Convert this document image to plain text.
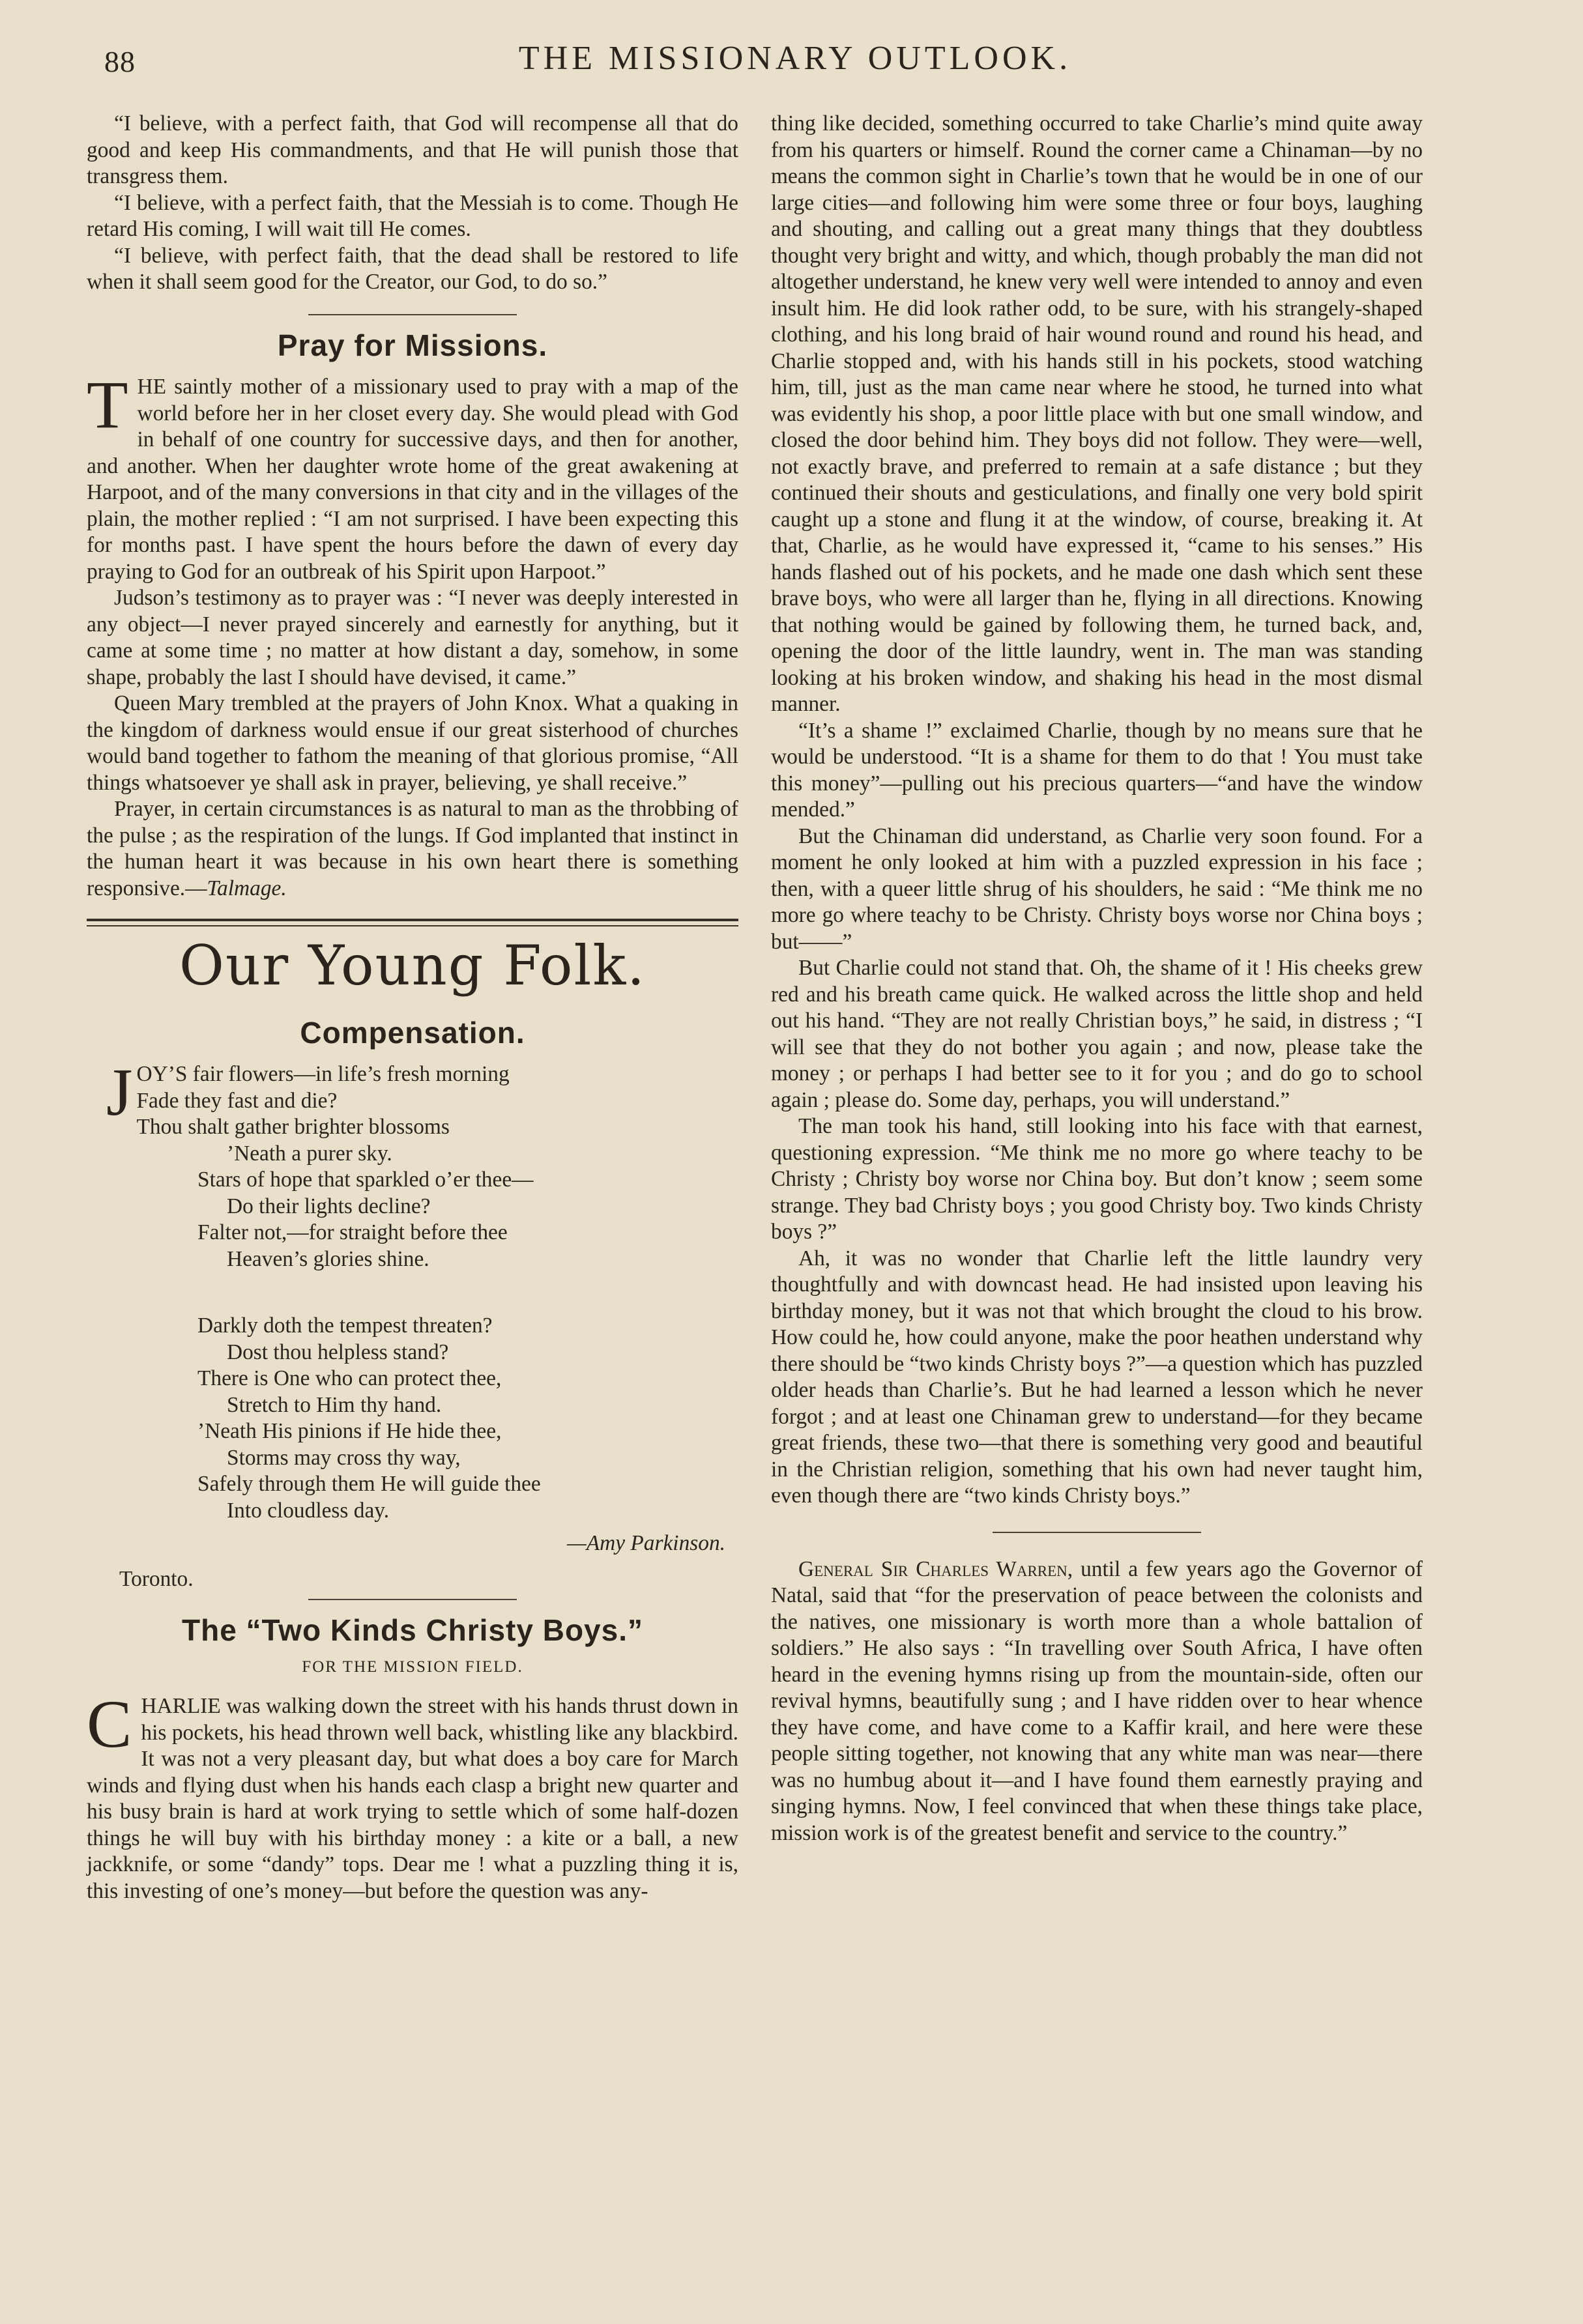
88	THE MISSIONARY OUTLOOK.

“I believe, with a perfect faith, that God will recompense all that do good and keep His commandments, and that He will punish those that transgress them.

“I believe, with a perfect faith, that the Messiah is to come. Though He retard His coming, I will wait till He comes.

“I believe, with perfect faith, that the dead shall be restored to life when it shall seem good for the Creator, our God, to do so.”

Pray for Missions.

THE saintly mother of a missionary used to pray with a map of the world before her in her closet every day. She would plead with God in behalf of one country for successive days, and then for another, and another. When her daughter wrote home of the great awakening at Harpoot, and of the many conversions in that city and in the villages of the plain, the mother replied : “I am not surprised. I have been expecting this for months past. I have spent the hours before the dawn of every day praying to God for an outbreak of his Spirit upon Harpoot.”

Judson’s testimony as to prayer was : “I never was deeply interested in any object—I never prayed sincerely and earnestly for anything, but it came at some time ; no matter at how distant a day, somehow, in some shape, probably the last I should have devised, it came.”

Queen Mary trembled at the prayers of John Knox. What a quaking in the kingdom of darkness would ensue if our great sisterhood of churches would band together to fathom the meaning of that glorious promise, “All things whatsoever ye shall ask in prayer, believing, ye shall receive.”

Prayer, in certain circumstances is as natural to man as the throbbing of the pulse ; as the respiration of the lungs. If God implanted that instinct in the human heart it was because in his own heart there is something responsive.—Talmage.

Our Young Folk.
Compensation.
J OY’S fair flowers—in life’s fresh morning
Fade they fast and die?
Thou shalt gather brighter blossoms
’Neath a purer sky.
Stars of hope that sparkled o’er thee—
Do their lights decline?
Falter not,—for straight before thee
Heaven’s glories shine.
Darkly doth the tempest threaten?
Dost thou helpless stand?
There is One who can protect thee,
Stretch to Him thy hand.
’Neath His pinions if He hide thee,
Storms may cross thy way,
Safely through them He will guide thee
Into cloudless day.
—Amy Parkinson.
Toronto.
The “Two Kinds Christy Boys.”
FOR THE MISSION FIELD.

CHARLIE was walking down the street with his hands thrust down in his pockets, his head thrown well back, whistling like any blackbird. It was not a very pleasant day, but what does a boy care for March winds and flying dust when his hands each clasp a bright new quarter and his busy brain is hard at work trying to settle which of some half-dozen things he will buy with his birthday money : a kite or a ball, a new jackknife, or some “dandy” tops. Dear me ! what a puzzling thing it is, this investing of one’s money—but before the question was any-

thing like decided, something occurred to take Charlie’s mind quite away from his quarters or himself. Round the corner came a Chinaman—by no means the common sight in Charlie’s town that he would be in one of our large cities—and following him were some three or four boys, laughing and shouting, and calling out a great many things that they doubtless thought very bright and witty, and which, though probably the man did not altogether understand, he knew very well were intended to annoy and even insult him. He did look rather odd, to be sure, with his strangely-shaped clothing, and his long braid of hair wound round and round his head, and Charlie stopped and, with his hands still in his pockets, stood watching him, till, just as the man came near where he stood, he turned into what was evidently his shop, a poor little place with but one small window, and closed the door behind him. They boys did not follow. They were—well, not exactly brave, and preferred to remain at a safe distance ; but they continued their shouts and gesticulations, and finally one very bold spirit caught up a stone and flung it at the window, of course, breaking it. At that, Charlie, as he would have expressed it, “came to his senses.” His hands flashed out of his pockets, and he made one dash which sent these brave boys, who were all larger than he, flying in all directions. Knowing that nothing would be gained by following them, he turned back, and, opening the door of the little laundry, went in. The man was standing looking at his broken window, and shaking his head in the most dismal manner.

“It’s a shame !” exclaimed Charlie, though by no means sure that he would be understood. “It is a shame for them to do that ! You must take this money”—pulling out his precious quarters—“and have the window mended.”

But the Chinaman did understand, as Charlie very soon found. For a moment he only looked at him with a puzzled expression in his face ; then, with a queer little shrug of his shoulders, he said : “Me think me no more go where teachy to be Christy. Christy boys worse nor China boys ; but——”

But Charlie could not stand that. Oh, the shame of it ! His cheeks grew red and his breath came quick. He walked across the little shop and held out his hand. “They are not really Christian boys,” he said, in distress ; “I will see that they do not bother you again ; and now, please take the money ; or perhaps I had better see to it for you ; and do go to school again ; please do. Some day, perhaps, you will understand.”

The man took his hand, still looking into his face with that earnest, questioning expression. “Me think me no more go where teachy to be Christy ; Christy boy worse nor China boy. But don’t know ; seem some strange. They bad Christy boys ; you good Christy boy. Two kinds Christy boys ?”

Ah, it was no wonder that Charlie left the little laundry very thoughtfully and with downcast head. He had insisted upon leaving his birthday money, but it was not that which brought the cloud to his brow. How could he, how could anyone, make the poor heathen understand why there should be “two kinds Christy boys ?”—a question which has puzzled older heads than Charlie’s. But he had learned a lesson which he never forgot ; and at least one Chinaman grew to understand—for they became great friends, these two—that there is something very good and beautiful in the Christian religion, something that his own had never taught him, even though there are “two kinds Christy boys.”

General Sir Charles Warren, until a few years ago the Governor of Natal, said that “for the preservation of peace between the colonists and the natives, one missionary is worth more than a whole battalion of soldiers.” He also says : “In travelling over South Africa, I have often heard in the evening hymns rising up from the mountain-side, often our revival hymns, beautifully sung ; and I have ridden over to hear whence they have come, and have come to a Kaffir krail, and here were these people sitting together, not knowing that any white man was near—there was no humbug about it—and I have found them earnestly praying and singing hymns. Now, I feel convinced that when these things take place, mission work is of the greatest benefit and service to the country.”
